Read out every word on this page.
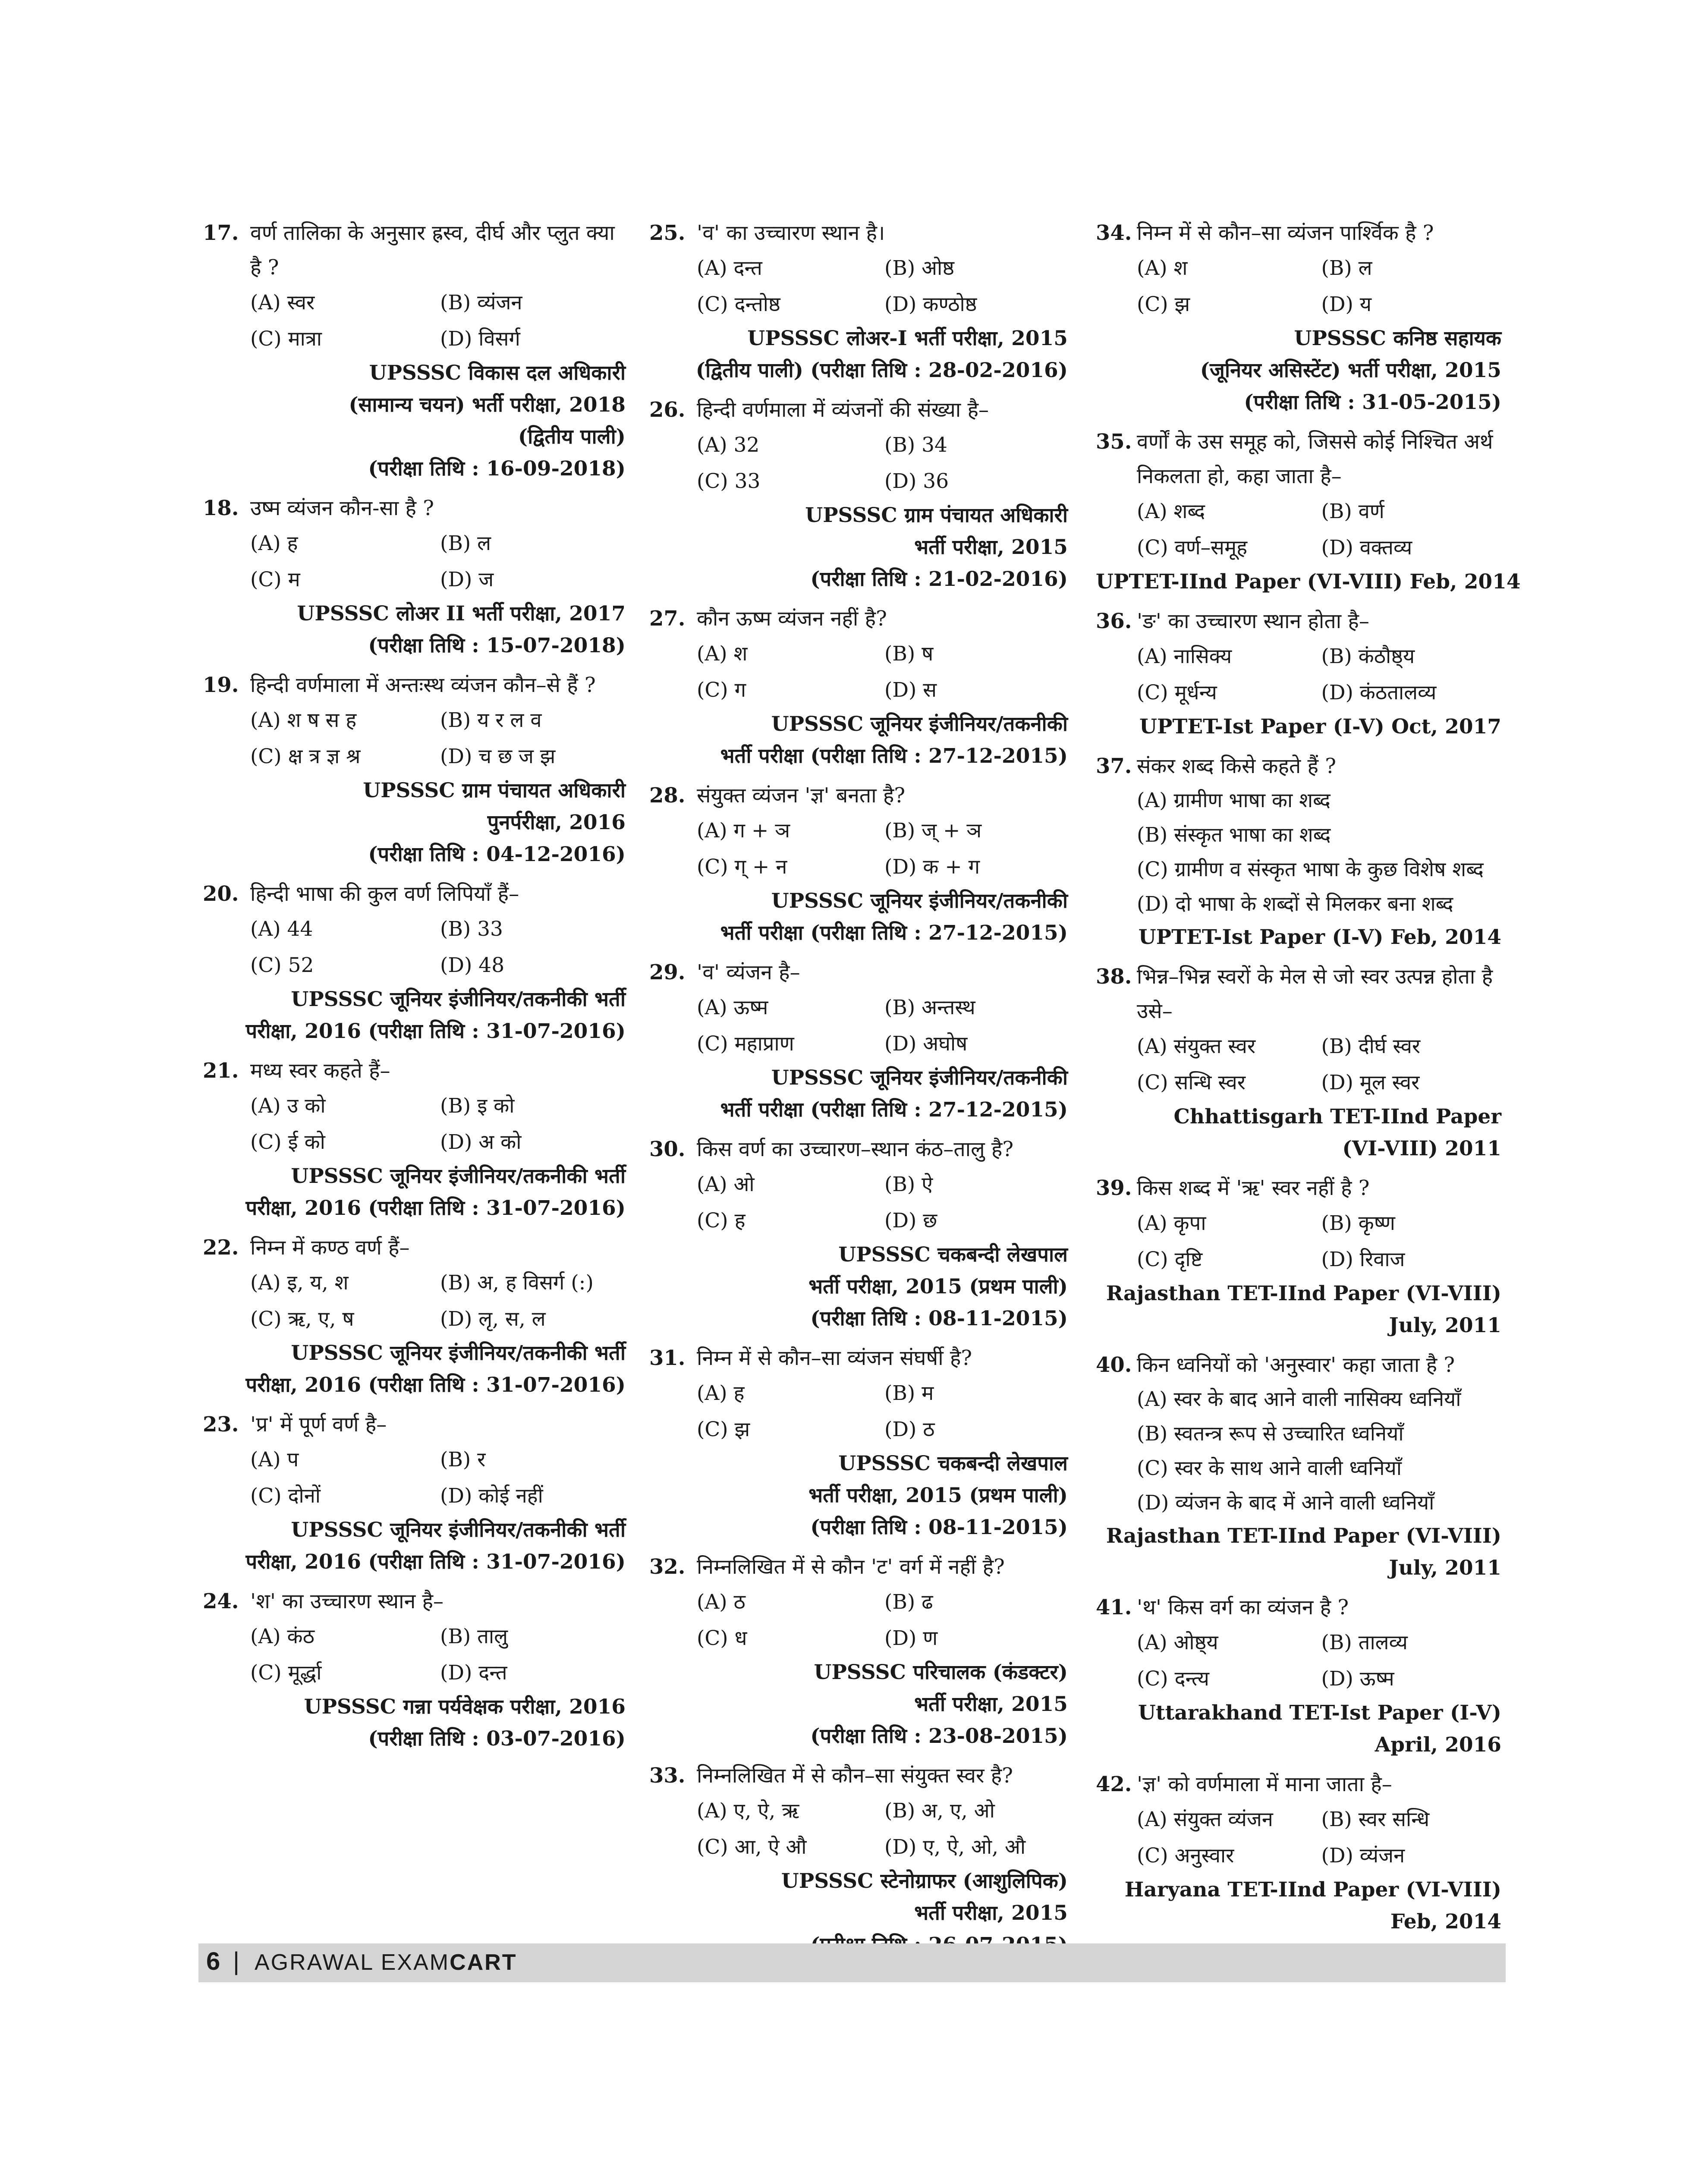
17. वर्ण तालिका के अनुसार ह्रस्व, दीर्घ और प्लुत क्या है ?
(A) स्वर	(B) व्यंजन
(C) मात्रा	(D) विसर्ग
UPSSSC विकास दल अधिकारी
(सामान्य चयन) भर्ती परीक्षा, 2018
(द्वितीय पाली)
(परीक्षा तिथि : 16-09-2018)
18. उष्म व्यंजन कौन-सा है ?
(A) ह	(B) ल
(C) म	(D) ज
UPSSSC लोअर II भर्ती परीक्षा, 2017
(परीक्षा तिथि : 15-07-2018)
19. हिन्दी वर्णमाला में अन्तःस्थ व्यंजन कौन–से हैं ?
(A) श ष स ह	(B) य र ल व
(C) क्ष त्र ज्ञ श्र	(D) च छ ज झ
UPSSSC ग्राम पंचायत अधिकारी
पुनर्परीक्षा, 2016
(परीक्षा तिथि : 04-12-2016)
20. हिन्दी भाषा की कुल वर्ण लिपियाँ हैं–
(A) 44	(B) 33
(C) 52	(D) 48
UPSSSC जूनियर इंजीनियर/तकनीकी भर्ती
परीक्षा, 2016 (परीक्षा तिथि : 31-07-2016)
21. मध्य स्वर कहते हैं–
(A) उ को	(B) इ को
(C) ई को	(D) अ को
UPSSSC जूनियर इंजीनियर/तकनीकी भर्ती
परीक्षा, 2016 (परीक्षा तिथि : 31-07-2016)
22. निम्न में कण्ठ वर्ण हैं–
(A) इ, य, श	(B) अ, ह विसर्ग (:)
(C) ऋ, ए, ष	(D) लृ, स, ल
UPSSSC जूनियर इंजीनियर/तकनीकी भर्ती
परीक्षा, 2016 (परीक्षा तिथि : 31-07-2016)
23. 'प्र' में पूर्ण वर्ण है–
(A) प	(B) र
(C) दोनों	(D) कोई नहीं
UPSSSC जूनियर इंजीनियर/तकनीकी भर्ती
परीक्षा, 2016 (परीक्षा तिथि : 31-07-2016)
24. 'श' का उच्चारण स्थान है–
(A) कंठ	(B) तालु
(C) मूर्द्धा	(D) दन्त
UPSSSC गन्ना पर्यवेक्षक परीक्षा, 2016
(परीक्षा तिथि : 03-07-2016)
25. 'व' का उच्चारण स्थान है।
(A) दन्त	(B) ओष्ठ
(C) दन्तोष्ठ	(D) कण्ठोष्ठ
UPSSSC लोअर-I भर्ती परीक्षा, 2015
(द्वितीय पाली) (परीक्षा तिथि : 28-02-2016)
26. हिन्दी वर्णमाला में व्यंजनों की संख्या है–
(A) 32	(B) 34
(C) 33	(D) 36
UPSSSC ग्राम पंचायत अधिकारी
भर्ती परीक्षा, 2015
(परीक्षा तिथि : 21-02-2016)
27. कौन ऊष्म व्यंजन नहीं है?
(A) श	(B) ष
(C) ग	(D) स
UPSSSC जूनियर इंजीनियर/तकनीकी
भर्ती परीक्षा (परीक्षा तिथि : 27-12-2015)
28. संयुक्त व्यंजन 'ज्ञ' बनता है?
(A) ग + ञ	(B) ज् + ञ
(C) ग् + न	(D) क + ग
UPSSSC जूनियर इंजीनियर/तकनीकी
भर्ती परीक्षा (परीक्षा तिथि : 27-12-2015)
29. 'व' व्यंजन है–
(A) ऊष्म	(B) अन्तस्थ
(C) महाप्राण	(D) अघोष
UPSSSC जूनियर इंजीनियर/तकनीकी
भर्ती परीक्षा (परीक्षा तिथि : 27-12-2015)
30. किस वर्ण का उच्चारण–स्थान कंठ–तालु है?
(A) ओ	(B) ऐ
(C) ह	(D) छ
UPSSSC चकबन्दी लेखपाल
भर्ती परीक्षा, 2015 (प्रथम पाली)
(परीक्षा तिथि : 08-11-2015)
31. निम्न में से कौन–सा व्यंजन संघर्षी है?
(A) ह	(B) म
(C) झ	(D) ठ
UPSSSC चकबन्दी लेखपाल
भर्ती परीक्षा, 2015 (प्रथम पाली)
(परीक्षा तिथि : 08-11-2015)
32. निम्नलिखित में से कौन 'ट' वर्ग में नहीं है?
(A) ठ	(B) ढ
(C) ध	(D) ण
UPSSSC परिचालक (कंडक्टर)
भर्ती परीक्षा, 2015
(परीक्षा तिथि : 23-08-2015)
33. निम्नलिखित में से कौन–सा संयुक्त स्वर है?
(A) ए, ऐ, ऋ	(B) अ, ए, ओ
(C) आ, ऐ औ	(D) ए, ऐ, ओ, औ
UPSSSC स्टेनोग्राफर (आशुलिपिक)
भर्ती परीक्षा, 2015
34. निम्न में से कौन–सा व्यंजन पार्श्विक है ?
(A) श	(B) ल
(C) झ	(D) य
UPSSSC कनिष्ठ सहायक
(जूनियर असिस्टेंट) भर्ती परीक्षा, 2015
(परीक्षा तिथि : 31-05-2015)
35. वर्णों के उस समूह को, जिससे कोई निश्चित अर्थ निकलता हो, कहा जाता है–
(A) शब्द	(B) वर्ण
(C) वर्ण–समूह	(D) वक्तव्य
UPTET-IInd Paper (VI-VIII) Feb, 2014
36. 'ङ' का उच्चारण स्थान होता है–
(A) नासिक्य	(B) कंठौष्ठ्य
(C) मूर्धन्य	(D) कंठतालव्य
UPTET-Ist Paper (I-V) Oct, 2017
37. संकर शब्द किसे कहते हैं ?
(A) ग्रामीण भाषा का शब्द
(B) संस्कृत भाषा का शब्द
(C) ग्रामीण व संस्कृत भाषा के कुछ विशेष शब्द
(D) दो भाषा के शब्दों से मिलकर बना शब्द
UPTET-Ist Paper (I-V) Feb, 2014
38. भिन्न–भिन्न स्वरों के मेल से जो स्वर उत्पन्न होता है उसे–
(A) संयुक्त स्वर	(B) दीर्घ स्वर
(C) सन्धि स्वर	(D) मूल स्वर
Chhattisgarh TET-IInd Paper
(VI-VIII) 2011
39. किस शब्द में 'ऋ' स्वर नहीं है ?
(A) कृपा	(B) कृष्ण
(C) दृष्टि	(D) रिवाज
Rajasthan TET-IInd Paper (VI-VIII)
July, 2011
40. किन ध्वनियों को 'अनुस्वार' कहा जाता है ?
(A) स्वर के बाद आने वाली नासिक्य ध्वनियाँ
(B) स्वतन्त्र रूप से उच्चारित ध्वनियाँ
(C) स्वर के साथ आने वाली ध्वनियाँ
(D) व्यंजन के बाद में आने वाली ध्वनियाँ
Rajasthan TET-IInd Paper (VI-VIII)
July, 2011
41. 'थ' किस वर्ग का व्यंजन है ?
(A) ओष्ठ्य	(B) तालव्य
(C) दन्त्य	(D) ऊष्म
Uttarakhand TET-Ist Paper (I-V)
April, 2016
42. 'ज्ञ' को वर्णमाला में माना जाता है–
(A) संयुक्त व्यंजन	(B) स्वर सन्धि
(C) अनुस्वार	(D) व्यंजन
Haryana TET-IInd Paper (VI-VIII)
Feb, 2014
6 | AGRAWAL EXAMCART
